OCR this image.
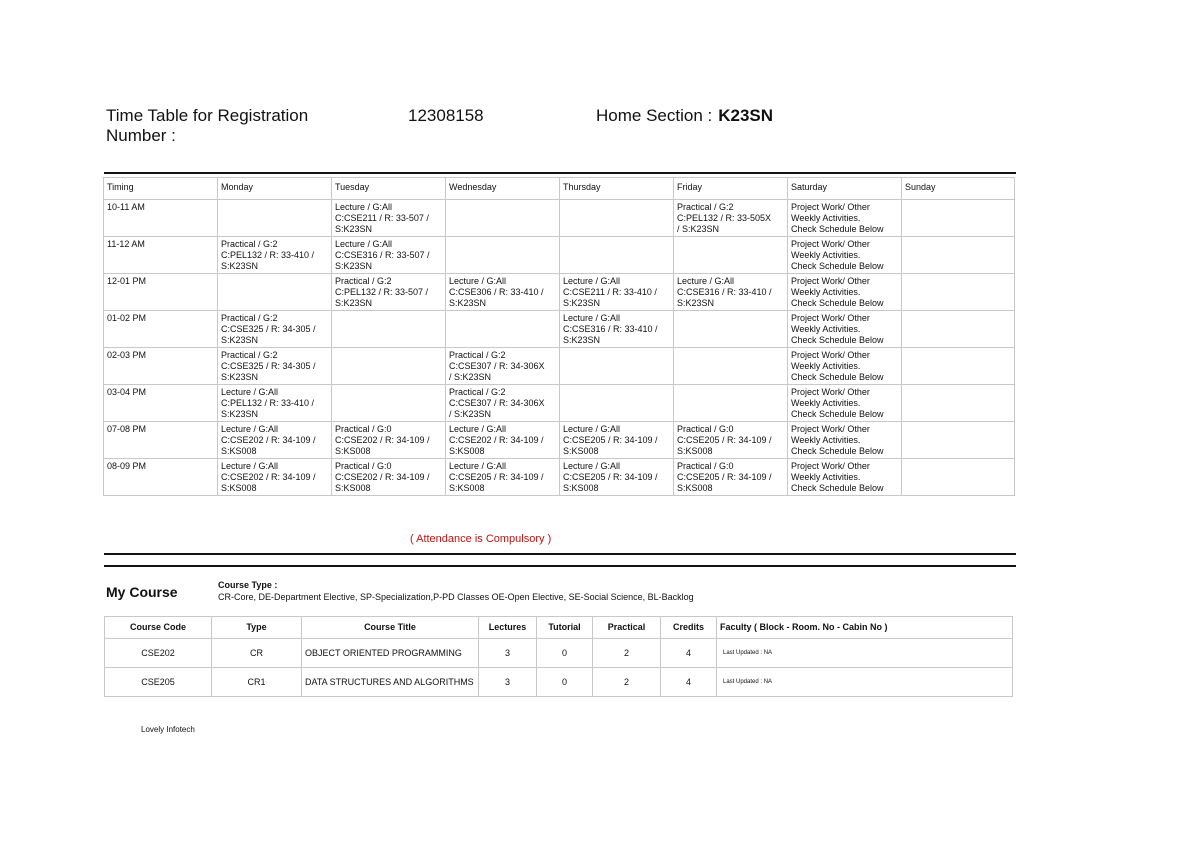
Time Table for Registration Number :
12308158	Home Section : K23SN
Timing	Monday	Tuesday	Wednesday	Thursday	Friday	Saturday	Sunday
10-11 AM		Lecture / G:All
C:CSE211 / R: 33-507 /
S:K23SN			Practical / G:2
C:PEL132 / R: 33-505X
/ S:K23SN	Project Work/ Other
Weekly Activities.
Check Schedule Below	

11-12 AM	Practical / G:2
C:PEL132 / R: 33-410 /
S:K23SN	Lecture / G:All
C:CSE316 / R: 33-507 /
S:K23SN				Project Work/ Other
Weekly Activities.
Check Schedule Below	

12-01 PM		Practical / G:2
C:PEL132 / R: 33-507 /
S:K23SN	Lecture / G:All
C:CSE306 / R: 33-410 /
S:K23SN	Lecture / G:All
C:CSE211 / R: 33-410 /
S:K23SN	Lecture / G:All
C:CSE316 / R: 33-410 /
S:K23SN	Project Work/ Other
Weekly Activities.
Check Schedule Below	

01-02 PM	Practical / G:2
C:CSE325 / R: 34-305 /
S:K23SN			Lecture / G:All
C:CSE316 / R: 33-410 /
S:K23SN		Project Work/ Other
Weekly Activities.
Check Schedule Below	

02-03 PM	Practical / G:2
C:CSE325 / R: 34-305 /
S:K23SN		Practical / G:2
C:CSE307 / R: 34-306X
/ S:K23SN			Project Work/ Other
Weekly Activities.
Check Schedule Below	

03-04 PM	Lecture / G:All
C:PEL132 / R: 33-410 /
S:K23SN		Practical / G:2
C:CSE307 / R: 34-306X
/ S:K23SN			Project Work/ Other
Weekly Activities.
Check Schedule Below	

07-08 PM	Lecture / G:All
C:CSE202 / R: 34-109 /
S:KS008	Practical / G:0
C:CSE202 / R: 34-109 /
S:KS008	Lecture / G:All
C:CSE202 / R: 34-109 /
S:KS008	Lecture / G:All
C:CSE205 / R: 34-109 /
S:KS008	Practical / G:0
C:CSE205 / R: 34-109 /
S:KS008	Project Work/ Other
Weekly Activities.
Check Schedule Below	

08-09 PM	Lecture / G:All
C:CSE202 / R: 34-109 /
S:KS008	Practical / G:0
C:CSE202 / R: 34-109 /
S:KS008	Lecture / G:All
C:CSE205 / R: 34-109 /
S:KS008	Lecture / G:All
C:CSE205 / R: 34-109 /
S:KS008	Practical / G:0
C:CSE205 / R: 34-109 /
S:KS008	Project Work/ Other
Weekly Activities.
Check Schedule Below	

( Attendance is Compulsory )
My Course	Course Type :
CR-Core, DE-Department Elective, SP-Specialization,P-PD Classes OE-Open Elective, SE-Social Science, BL-Backlog
Course Code	Type	Course Title	Lectures	Tutorial	Practical	Credits	Faculty ( Block - Room. No - Cabin No )
CSE202	CR	OBJECT ORIENTED PROGRAMMING	3	0	2	4	Last Updated : NA
CSE205	CR1	DATA STRUCTURES AND ALGORITHMS	3	0	2	4	Last Updated : NA
Lovely Infotech
